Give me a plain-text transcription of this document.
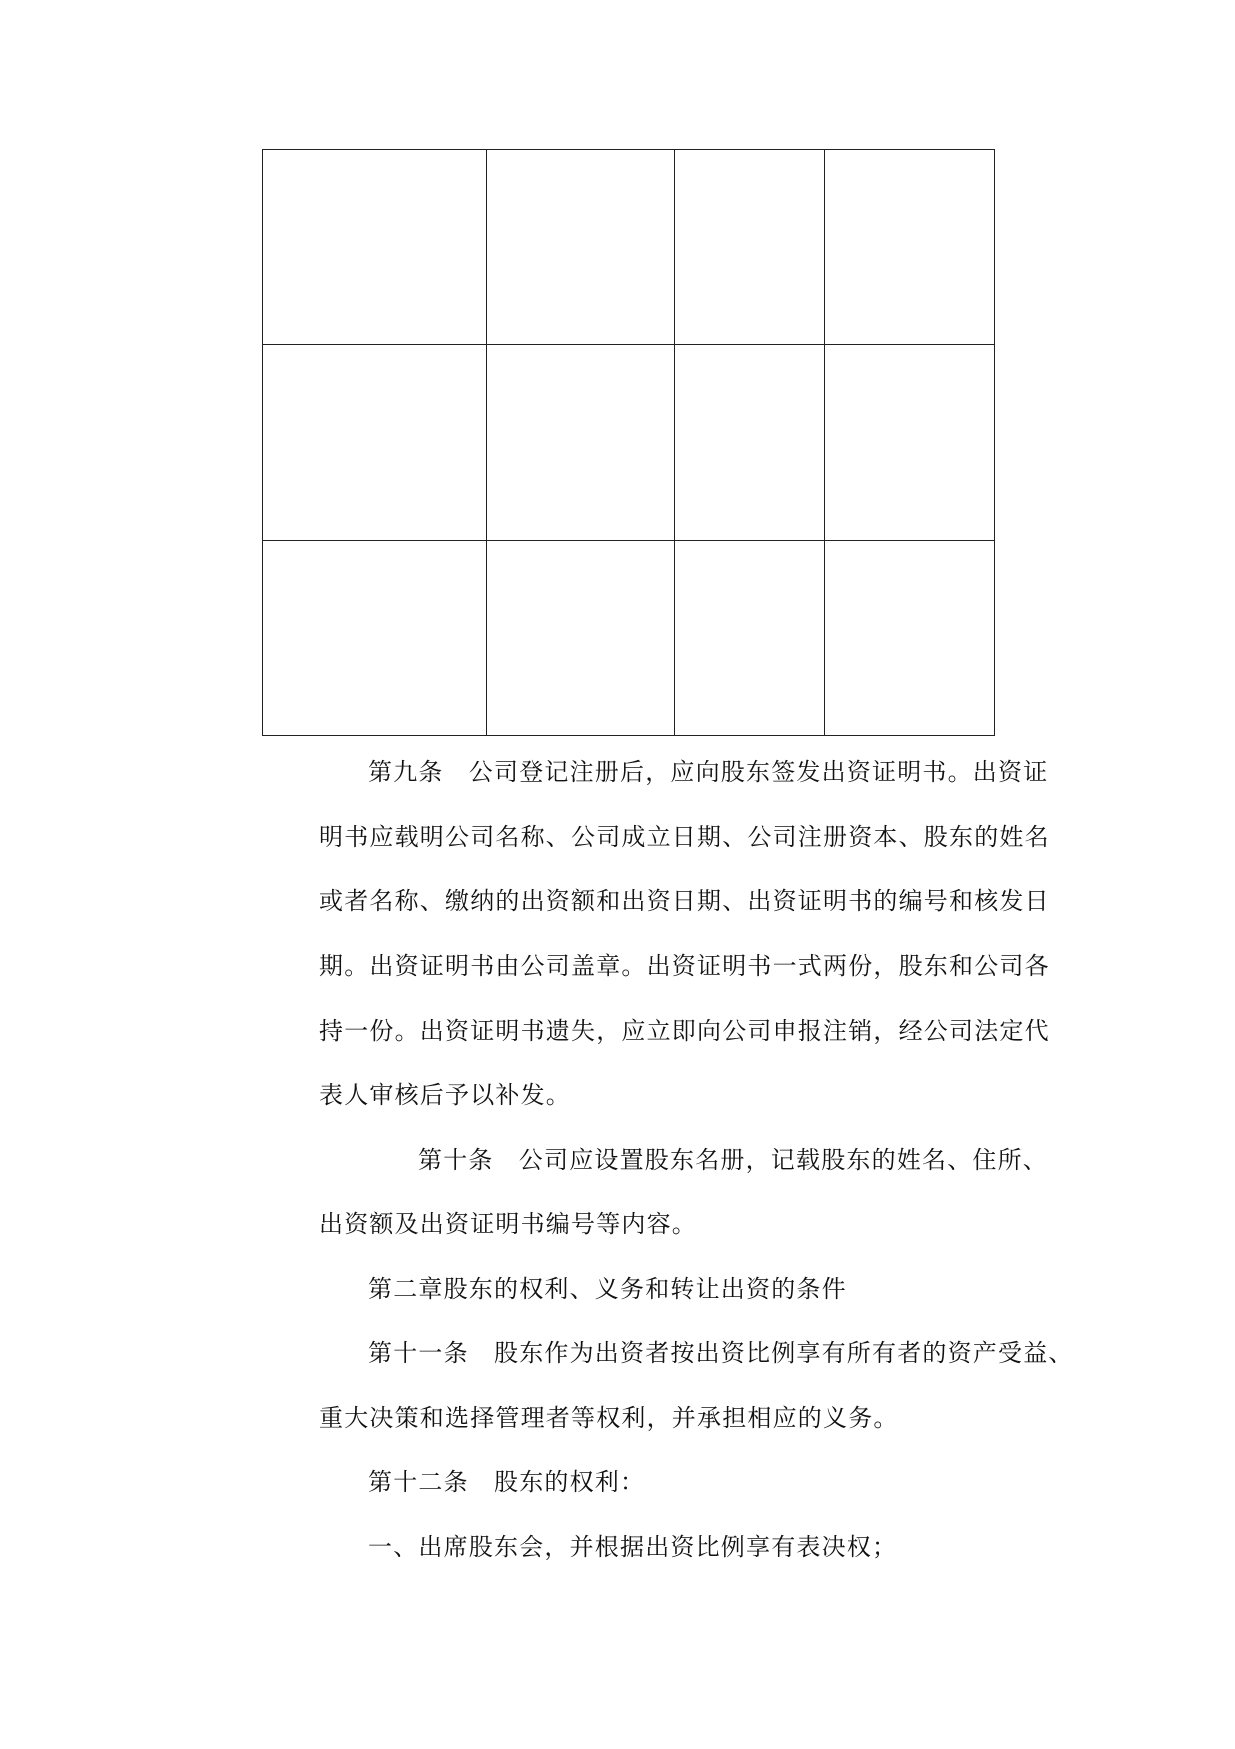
第九条　公司登记注册后，应向股东签发出资证明书。出资证
明书应载明公司名称、公司成立日期、公司注册资本、股东的姓名
或者名称、缴纳的出资额和出资日期、出资证明书的编号和核发日
期。出资证明书由公司盖章。出资证明书一式两份，股东和公司各
持一份。出资证明书遗失，应立即向公司申报注销，经公司法定代
表人审核后予以补发。
第十条　公司应设置股东名册，记载股东的姓名、住所、
出资额及出资证明书编号等内容。
第二章股东的权利、义务和转让出资的条件
第十一条　股东作为出资者按出资比例享有所有者的资产受益、
重大决策和选择管理者等权利，并承担相应的义务。
第十二条　股东的权利：
一、出席股东会，并根据出资比例享有表决权；
